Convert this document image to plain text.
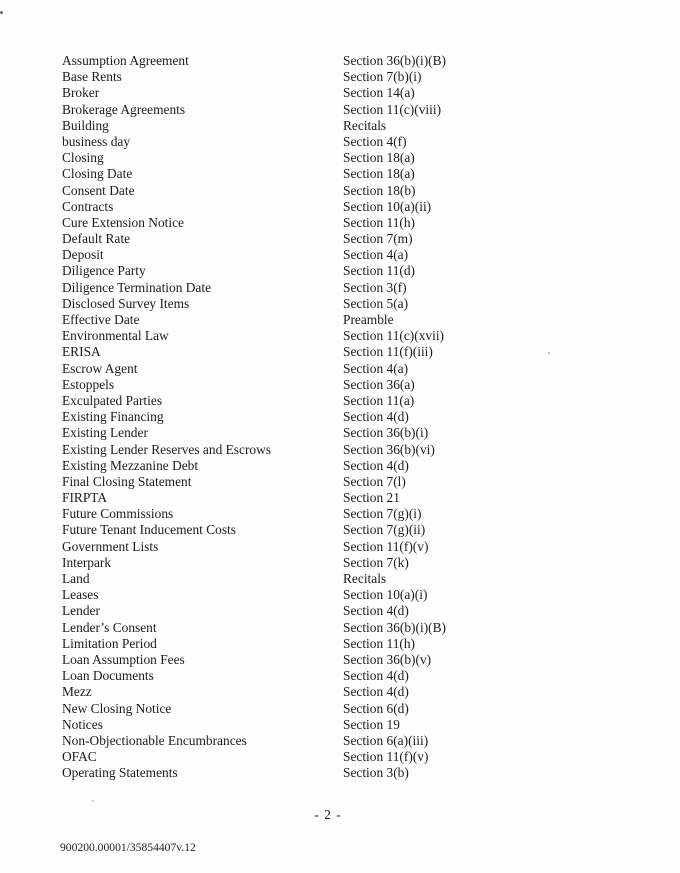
Assumption Agreement	Section 36(b)(i)(B)
Base Rents	Section 7(b)(i)
Broker	Section 14(a)
Brokerage Agreements	Section 11(c)(viii)
Building	Recitals
business day	Section 4(f)
Closing	Section 18(a)
Closing Date	Section 18(a)
Consent Date	Section 18(b)
Contracts	Section 10(a)(ii)
Cure Extension Notice	Section 11(h)
Default Rate	Section 7(m)
Deposit	Section 4(a)
Diligence Party	Section 11(d)
Diligence Termination Date	Section 3(f)
Disclosed Survey Items	Section 5(a)
Effective Date	Preamble
Environmental Law	Section 11(c)(xvii)
ERISA	Section 11(f)(iii)
Escrow Agent	Section 4(a)
Estoppels	Section 36(a)
Exculpated Parties	Section 11(a)
Existing Financing	Section 4(d)
Existing Lender	Section 36(b)(i)
Existing Lender Reserves and Escrows	Section 36(b)(vi)
Existing Mezzanine Debt	Section 4(d)
Final Closing Statement	Section 7(l)
FIRPTA	Section 21
Future Commissions	Section 7(g)(i)
Future Tenant Inducement Costs	Section 7(g)(ii)
Government Lists	Section 11(f)(v)
Interpark	Section 7(k)
Land	Recitals
Leases	Section 10(a)(i)
Lender	Section 4(d)
Lender’s Consent	Section 36(b)(i)(B)
Limitation Period	Section 11(h)
Loan Assumption Fees	Section 36(b)(v)
Loan Documents	Section 4(d)
Mezz	Section 4(d)
New Closing Notice	Section 6(d)
Notices	Section 19
Non-Objectionable Encumbrances	Section 6(a)(iii)
OFAC	Section 11(f)(v)
Operating Statements	Section 3(b)
- 2 -
900200.00001/35854407v.12
